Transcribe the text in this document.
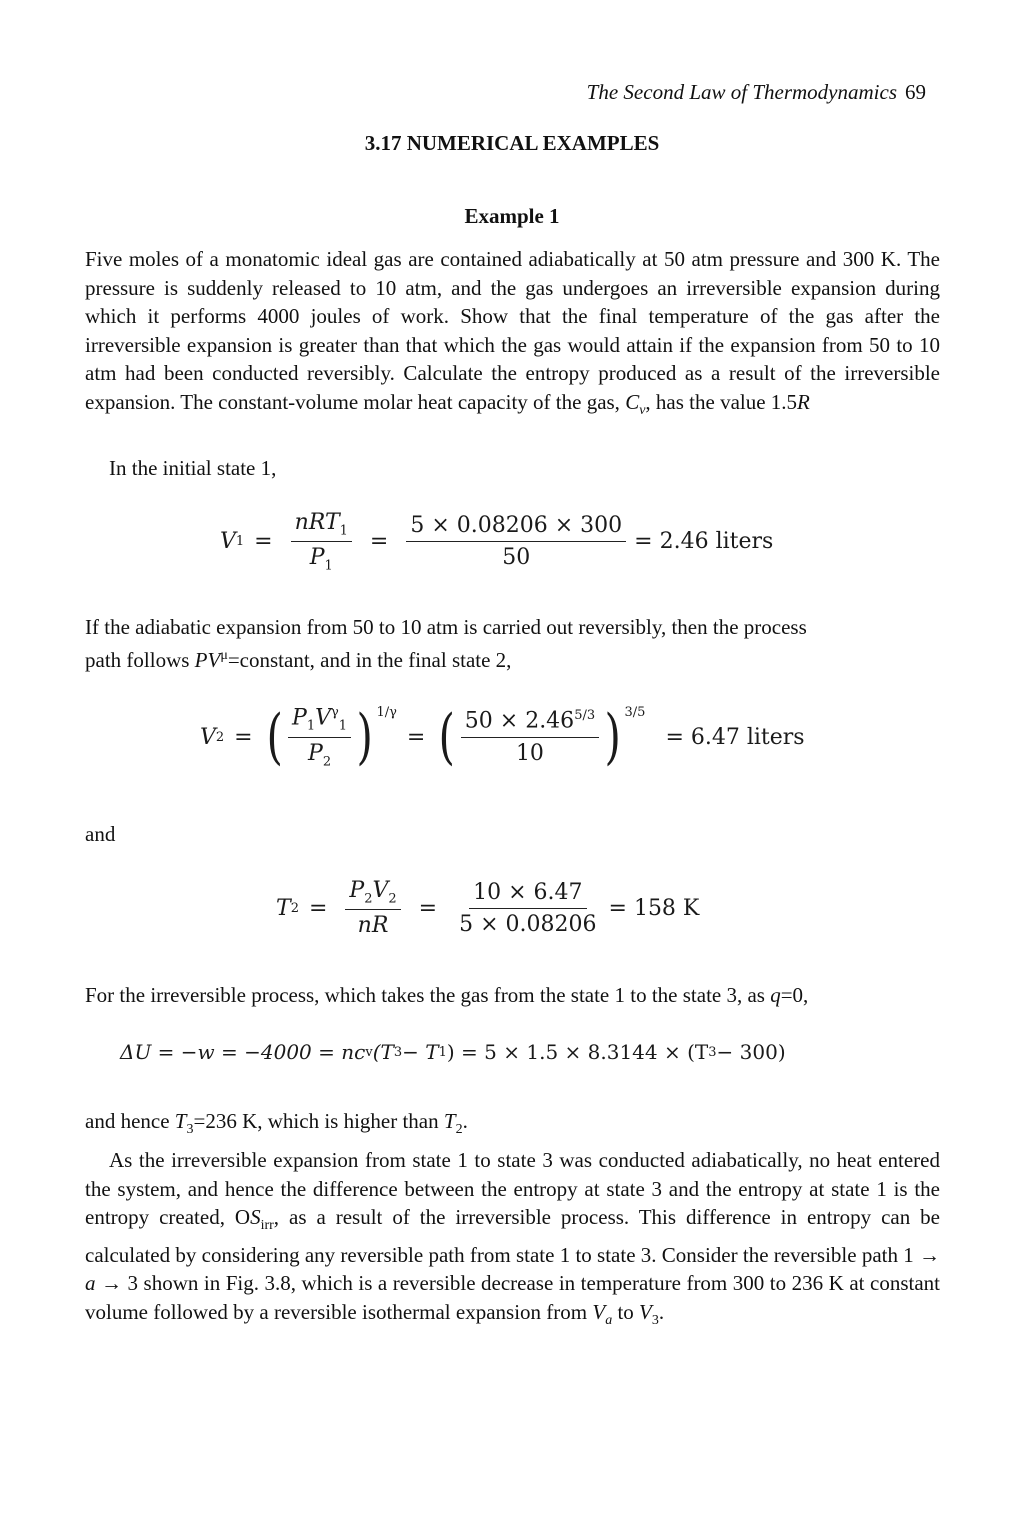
The Second Law of Thermodynamics 69
3.17 NUMERICAL EXAMPLES
Example 1

Five moles of a monatomic ideal gas are contained adiabatically at 50 atm pressure and 300 K. The pressure is suddenly released to 10 atm, and the gas undergoes an irreversible expansion during which it performs 4000 joules of work. Show that the final temperature of the gas after the irreversible expansion is greater than that which the gas would attain if the expansion from 50 to 10 atm had been conducted reversibly. Calculate the entropy produced as a result of the irreversible expansion. The constant-volume molar heat capacity of the gas, $C_v$, has the value 1.5R

In the initial state 1,

V $1 = \frac{nRT_1}{P_1} = \frac{5 \times 0.08206 \times 300}{50} = 2.46$ liters

If the adiabatic expansion from 50 to 10 atm is carried out reversibly, then the process
path follows $PV^\mu=constant$, and in the final state 2,

V 2 = ( $\frac{P_1V^\gamma_1}{P_2}$ ) $^{1/\gamma}$
= ( $\frac{50 \times 2.46^{5/3}}{10}$ ) $^{3/5}$
= 6.47 liters

and

T $2 = \frac{P_2V_2}{nR} = \frac{10 \times 6.47}{5 \times 0.08206} = 158$ K

For the irreversible process, which takes the gas from the state 1 to the state 3, as q=0,

ΔU = −w = −4000 = nc v (T 3 − T 1 ) = 5 × 1.5 × 8.3144 × (T 3 − 300)

and hence $T_3=236$ K, which is higher than $T_2$.

As the irreversible expansion from state 1 to state 3 was conducted adiabatically, no heat entered the system, and hence the difference between the entropy at state 3 and the entropy at state 1 is the entropy created, $OS_{irr}$, as a result of the irreversible process. This difference in entropy can be calculated by considering any reversible path from state 1 to state 3. Consider the reversible path 1 → a → 3 shown in Fig. 3.8, which is a reversible decrease in temperature from 300 to 236 K at constant volume followed by a reversible isothermal expansion from $V_a$ to $V_3$.
